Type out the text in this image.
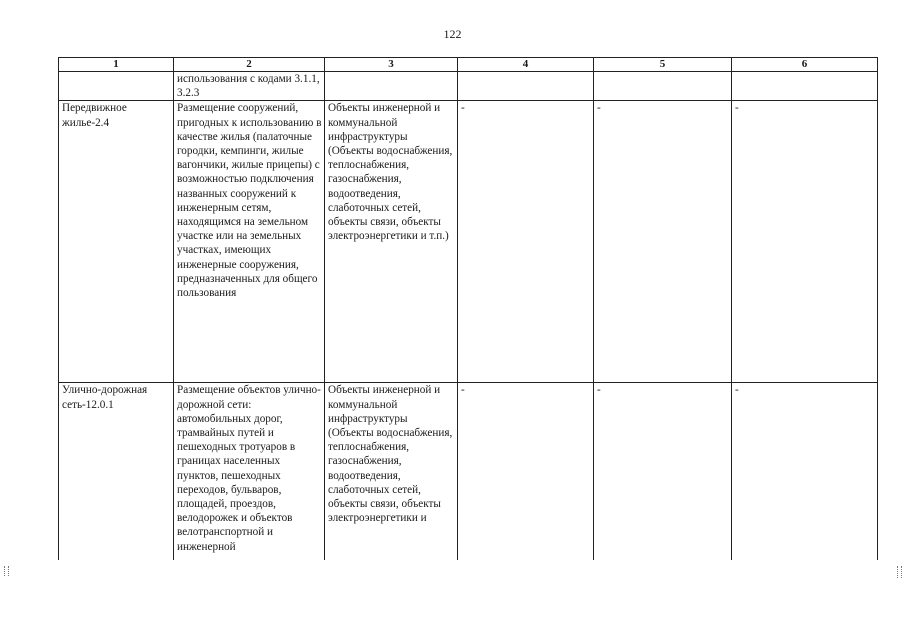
122
1	2	3	4	5	6
	использования с кодами 3.1.1, 3.2.3				
Передвижное жилье-2.4	Размещение сооружений, пригодных к использованию в качестве жилья (палаточные городки, кемпинги, жилые вагончики, жилые прицепы) с возможностью подключения названных сооружений к инженерным сетям, находящимся на земельном участке или на земельных участках, имеющих инженерные сооружения, предназначенных для общего пользования	Объекты инженерной и коммунальной инфраструктуры (Объекты водоснабжения, теплоснабжения, газоснабжения, водоотведения, слаботочных сетей, объекты связи, объекты электроэнергетики и т.п.)	-	-	-
Улично-дорожная сеть-12.0.1	Размещение объектов улично-дорожной сети: автомобильных дорог, трамвайных путей и пешеходных тротуаров в границах населенных пунктов, пешеходных переходов, бульваров, площадей, проездов, велодорожек и объектов велотранспортной и инженерной	Объекты инженерной и коммунальной инфраструктуры (Объекты водоснабжения, теплоснабжения, газоснабжения, водоотведения, слаботочных сетей, объекты связи, объекты электроэнергетики и	-	-	-
